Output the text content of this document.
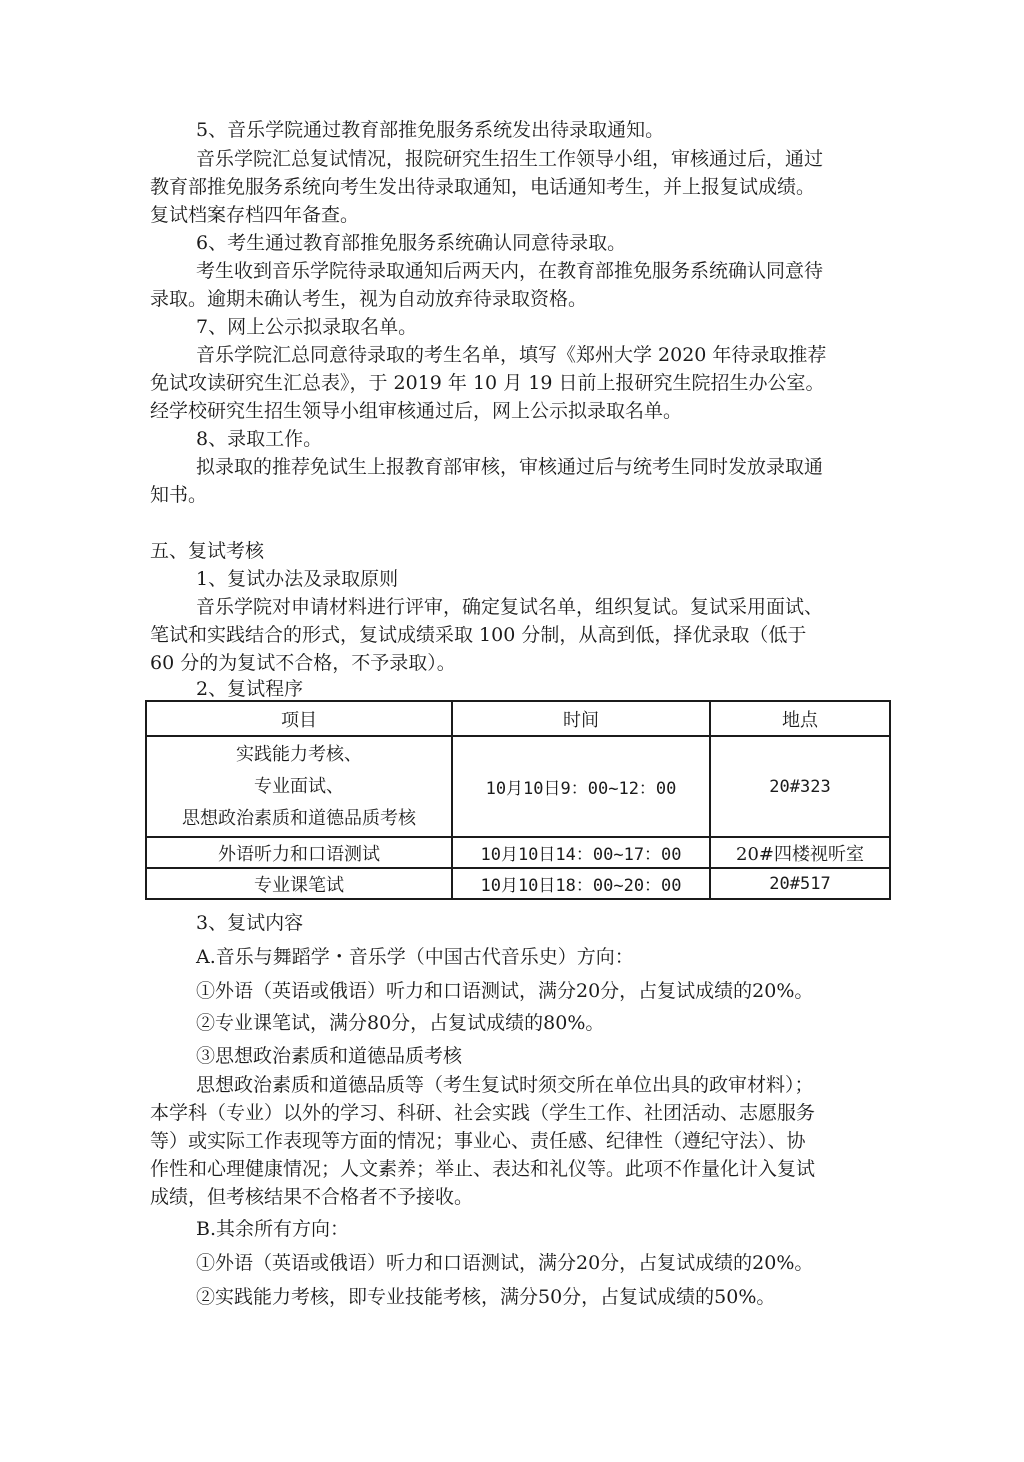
5、音乐学院通过教育部推免服务系统发出待录取通知。
音乐学院汇总复试情况，报院研究生招生工作领导小组，审核通过后，通过
教育部推免服务系统向考生发出待录取通知，电话通知考生，并上报复试成绩。
复试档案存档四年备查。
6、考生通过教育部推免服务系统确认同意待录取。
考生收到音乐学院待录取通知后两天内，在教育部推免服务系统确认同意待
录取。逾期未确认考生，视为自动放弃待录取资格。
7、网上公示拟录取名单。
音乐学院汇总同意待录取的考生名单，填写《郑州大学 2020 年待录取推荐
免试攻读研究生汇总表》，于 2019 年 10 月 19 日前上报研究生院招生办公室。
经学校研究生招生领导小组审核通过后，网上公示拟录取名单。
8、录取工作。
拟录取的推荐免试生上报教育部审核，审核通过后与统考生同时发放录取通
知书。
五、复试考核
1、复试办法及录取原则
音乐学院对申请材料进行评审，确定复试名单，组织复试。复试采用面试、
笔试和实践结合的形式，复试成绩采取 100 分制，从高到低，择优录取（低于
60 分的为复试不合格，不予录取）。
2、复试程序
项目	时间	地点

实践能力考核、
专业面试、
思想政治素质和道德品质考核	10月10日9：00~12：00	20#323
外语听力和口语测试	10月10日14：00~17：00	20#四楼视听室
专业课笔试	10月10日18：00~20：00	20#517
3、复试内容
A.音乐与舞蹈学・音乐学（中国古代音乐史）方向：
①外语（英语或俄语）听力和口语测试，满分20分，占复试成绩的20%。
②专业课笔试，满分80分，占复试成绩的80%。
③思想政治素质和道德品质考核
思想政治素质和道德品质等（考生复试时须交所在单位出具的政审材料）；
本学科（专业）以外的学习、科研、社会实践（学生工作、社团活动、志愿服务
等）或实际工作表现等方面的情况；事业心、责任感、纪律性（遵纪守法）、协
作性和心理健康情况；人文素养；举止、表达和礼仪等。此项不作量化计入复试
成绩，但考核结果不合格者不予接收。
B.其余所有方向：
①外语（英语或俄语）听力和口语测试，满分20分，占复试成绩的20%。
②实践能力考核，即专业技能考核，满分50分，占复试成绩的50%。
